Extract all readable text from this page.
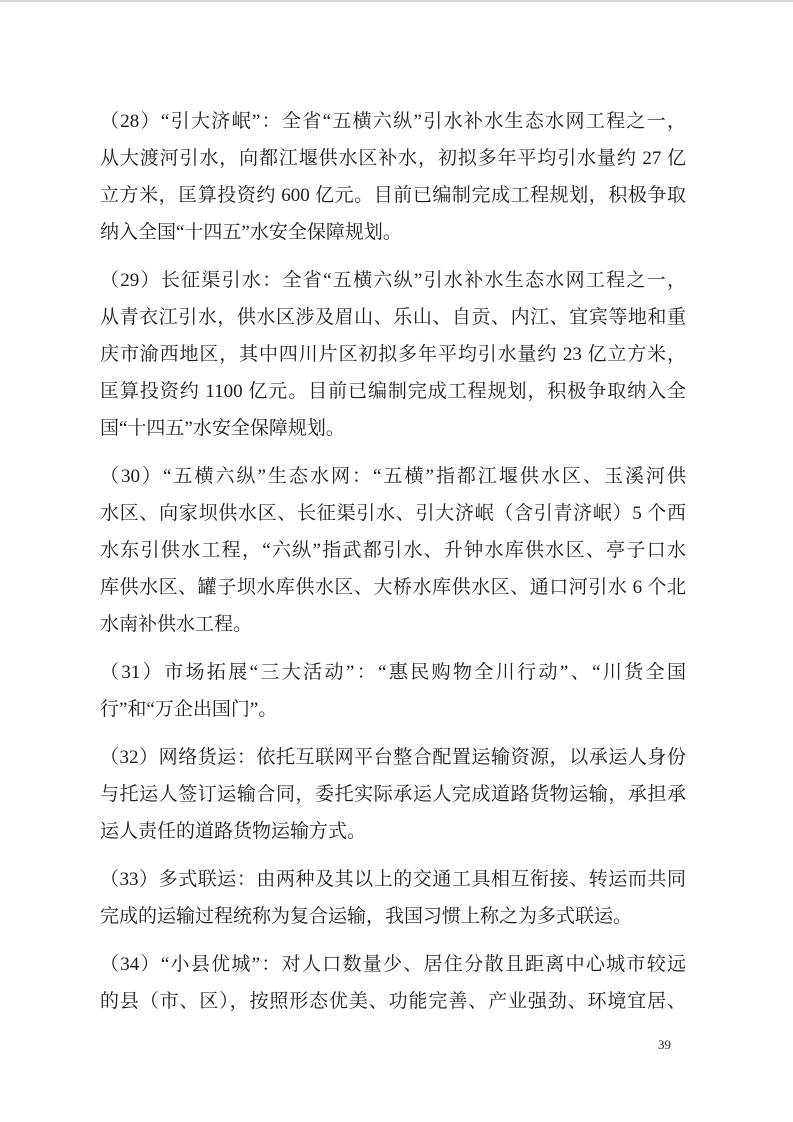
（28）“引大济岷”：全省“五横六纵”引水补水生态水网工程之一，
从大渡河引水，向都江堰供水区补水，初拟多年平均引水量约 27 亿
立方米，匡算投资约 600 亿元。目前已编制完成工程规划，积极争取
纳入全国“十四五”水安全保障规划。
（29）长征渠引水：全省“五横六纵”引水补水生态水网工程之一，
从青衣江引水，供水区涉及眉山、乐山、自贡、内江、宜宾等地和重
庆市渝西地区，其中四川片区初拟多年平均引水量约 23 亿立方米，
匡算投资约 1100 亿元。目前已编制完成工程规划，积极争取纳入全
国“十四五”水安全保障规划。
（30）“五横六纵”生态水网：“五横”指都江堰供水区、玉溪河供
水区、向家坝供水区、长征渠引水、引大济岷（含引青济岷）5 个西
水东引供水工程，“六纵”指武都引水、升钟水库供水区、亭子口水
库供水区、罐子坝水库供水区、大桥水库供水区、通口河引水 6 个北
水南补供水工程。
（31）市场拓展“三大活动”：“惠民购物全川行动”、“川货全国
行”和“万企出国门”。
（32）网络货运：依托互联网平台整合配置运输资源，以承运人身份
与托运人签订运输合同，委托实际承运人完成道路货物运输，承担承
运人责任的道路货物运输方式。
（33）多式联运：由两种及其以上的交通工具相互衔接、转运而共同
完成的运输过程统称为复合运输，我国习惯上称之为多式联运。
（34）“小县优城”：对人口数量少、居住分散且距离中心城市较远
的县（市、区），按照形态优美、功能完善、产业强劲、环境宜居、
39
